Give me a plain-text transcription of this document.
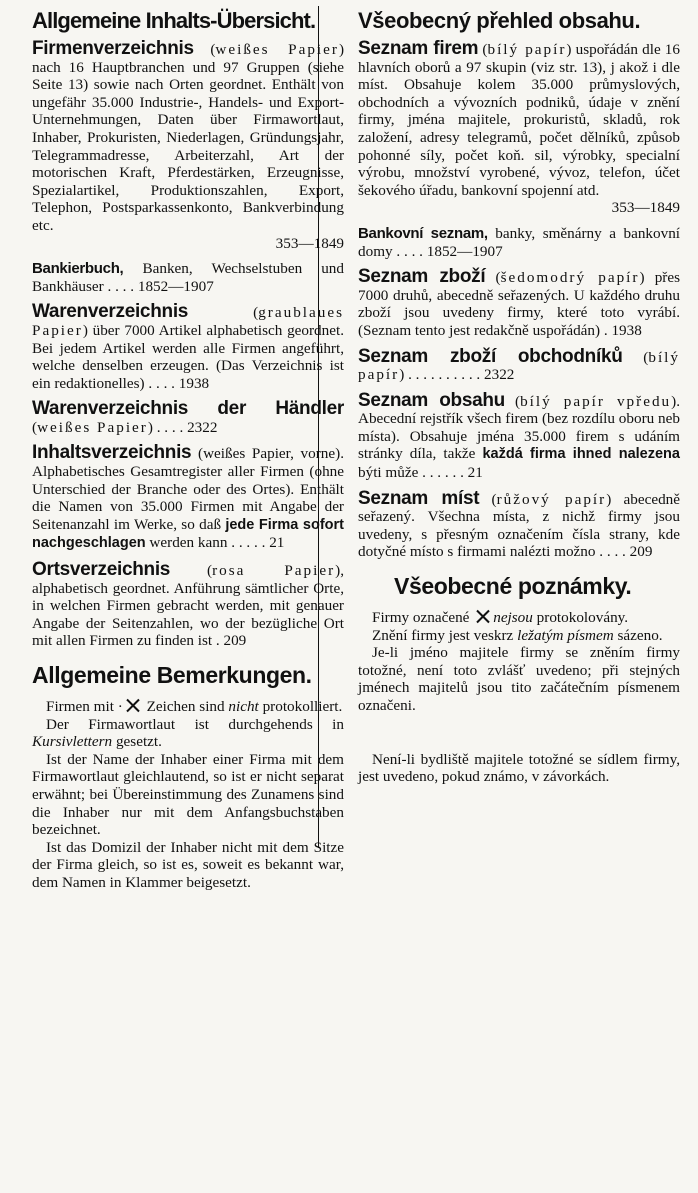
Allgemeine Inhalts-Übersicht.

Firmenverzeichnis (weißes Papier) nach 16 Hauptbranchen und 97 Gruppen (siehe Seite 13) sowie nach Orten geordnet. Enthält von ungefähr 35.000 Industrie-, Handels- und Export-Unternehmungen, Daten über Firmawortlaut, Inhaber, Prokuristen, Niederlagen, Gründungsjahr, Telegrammadresse, Arbeiterzahl, Art der motorischen Kraft, Pferdestärken, Erzeugnisse, Spezialartikel, Produktionszahlen, Export, Telephon, Postsparkassenkonto, Bankverbindung etc.
353—1849

Bankierbuch, Banken, Wechselstuben und Bankhäuser . . . . 1852—1907

Warenverzeichnis (graublaues Papier) über 7000 Artikel alphabetisch geordnet. Bei jedem Artikel werden alle Firmen angeführt, welche denselben erzeugen. (Das Verzeichnis ist ein redaktionelles) . . . . 1938

Warenverzeichnis der Händler (weißes Papier) . . . . 2322

Inhaltsverzeichnis (weißes Papier, vorne). Alphabetisches Gesamtregister aller Firmen (ohne Unterschied der Branche oder des Ortes). Enthält die Namen von 35.000 Firmen mit Angabe der Seitenanzahl im Werke, so daß jede Firma sofort nachgeschlagen werden kann . . . . . 21

Ortsverzeichnis (rosa Papier), alphabetisch geordnet. Anführung sämtlicher Orte, in welchen Firmen gebracht werden, mit genauer Angabe der Seitenzahlen, wo der bezügliche Ort mit allen Firmen zu finden ist . 209

Allgemeine Bemerkungen.

Firmen mit · Zeichen sind nicht protokolliert.

Der Firmawortlaut ist durchgehends in Kursivlettern gesetzt.

Ist der Name der Inhaber einer Firma mit dem Firmawortlaut gleichlautend, so ist er nicht separat erwähnt; bei Übereinstimmung des Zunamens sind die Inhaber nur mit dem Anfangsbuchstaben bezeichnet.

Ist das Domizil der Inhaber nicht mit dem Sitze der Firma gleich, so ist es, soweit es bekannt war, dem Namen in Klammer beigesetzt.

Všeobecný přehled obsahu.

Seznam firem (bílý papír) uspořádán dle 16 hlavních oborů a 97 skupin (viz str. 13), j akož i dle míst. Obsahuje kolem 35.000 průmyslových, obchodních a vývozních podniků, údaje v znění firmy, jména majitele, prokuristů, skladů, rok založení, adresy telegramů, počet dělníků, způsob pohonné síly, počet koň. sil, výrobky, specialní výrobu, množství vyrobené, vývoz, telefon, účet šekového úřadu, bankovní spojenní atd.
353—1849

Bankovní seznam, banky, směnárny a bankovní domy . . . . 1852—1907

Seznam zboží (šedomodrý papír) přes 7000 druhů, abecedně seřazených. U každého druhu zboží jsou uvedeny firmy, které toto vyrábí. (Seznam tento jest redakčně uspořádán) . 1938

Seznam zboží obchodníků (bílý papír) . . . . . . . . . . 2322

Seznam obsahu (bílý papír vpředu). Abecední rejstřík všech firem (bez rozdílu oboru neb místa). Obsahuje jména 35.000 firem s udáním stránky díla, takže každá firma ihned nalezena býti může . . . . . . 21

Seznam míst (růžový papír) abecedně seřazený. Všechna místa, z nichž firmy jsou uvedeny, s přesným označením čísla strany, kde dotyčné místo s firmami nalézti možno . . . . 209

Všeobecné poznámky.

Firmy označené nejsou protokolovány.

Znění firmy jest veskrz ležatým písmem sázeno.

Je-li jméno majitele firmy se zněním firmy totožné, není toto zvlášť uvedeno; při stejných jménech majitelů jsou tito začátečním písmenem označeni.

Není-li bydliště majitele totožné se sídlem firmy, jest uvedeno, pokud známo, v závorkách.
